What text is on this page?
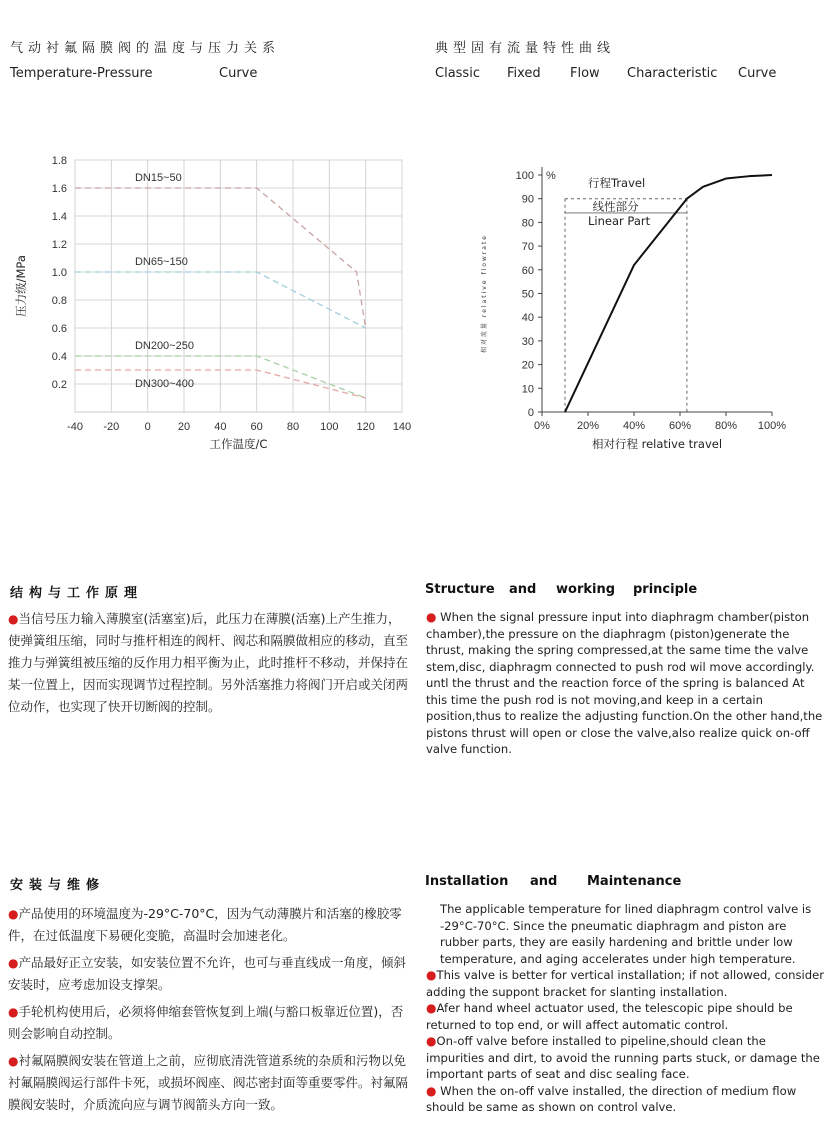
气动衬氟隔膜阀的温度与压力关系
Temperature-Pressure	Curve
典型固有流量特性曲线
Classic Fixed Flow Characteristic Curve
DN15~50
DN65~150
DN200~250
DN300~400
-40 -20 0 20 40 60 80 100 120 140
0.2
0.4
0.6
0.8
1.0
1.2
1.4
1.6
1.8
工作温度/C
压力级/MPa
0% 20% 40% 60% 80% 100%
0
10
20
30
40
50
60
70
80
90
100 %	行程Travel
线性部分
Linear Part
相对行程 relative travel
相对流量 relative flowrate
结构与工作原理	Structure and working principle
●当信号压力输入薄膜室(活塞室)后，此压力在薄膜(活塞)上产生推力，使弹簧组压缩，同时与推杆相连的阀杆、阀芯和隔膜做相应的移动，直至推力与弹簧组被压缩的反作用力相平衡为止，此时推杆不移动，并保持在某一位置上，因而实现调节过程控制。另外活塞推力将阀门开启或关闭两位动作，也实现了快开切断阀的控制。
● When the signal pressure input into diaphragm chamber(piston chamber),the pressure on the diaphragm (piston)generate the thrust, making the spring compressed,at the same time the valve stem,disc, diaphragm connected to push rod wil move accordingly. untl the thrust and the reaction force of the spring is balanced At this time the push rod is not moving,and keep in a certain position,thus to realize the adjusting function.On the other hand,the pistons thrust will open or close the valve,also realize quick on-off valve function.
安装与维修	Installation and Maintenance
●产品使用的环境温度为-29°C-70°C，因为气动薄膜片和活塞的橡胶零件，在过低温度下易硬化变脆，高温时会加速老化。
●产品最好正立安装，如安装位置不允许，也可与垂直线成一角度，倾斜安装时，应考虑加设支撑架。
●手轮机构使用后，必须将伸缩套管恢复到上端(与豁口板靠近位置)，否则会影响自动控制。
●衬氟隔膜阀安装在管道上之前，应彻底清洗管道系统的杂质和污物以免衬氟隔膜阀运行部件卡死，或损坏阀座、阀芯密封面等重要零件。衬氟隔膜阀安装时，介质流向应与调节阀箭头方向一致。
The applicable temperature for lined diaphragm control valve is -29°C-70°C. Since the pneumatic diaphragm and piston are rubber parts, they are easily hardening and brittle under low temperature, and aging accelerates under high temperature.
●This valve is better for vertical installation; if not allowed, consider adding the suppont bracket for slanting installation.
●Afer hand wheel actuator used, the telescopic pipe should be returned to top end, or will affect automatic control.
●On-off valve before installed to pipeline,should clean the impurities and dirt, to avoid the running parts stuck, or damage the important parts of seat and disc sealing face.
● When the on-off valve installed, the direction of medium flow should be same as shown on control valve.
